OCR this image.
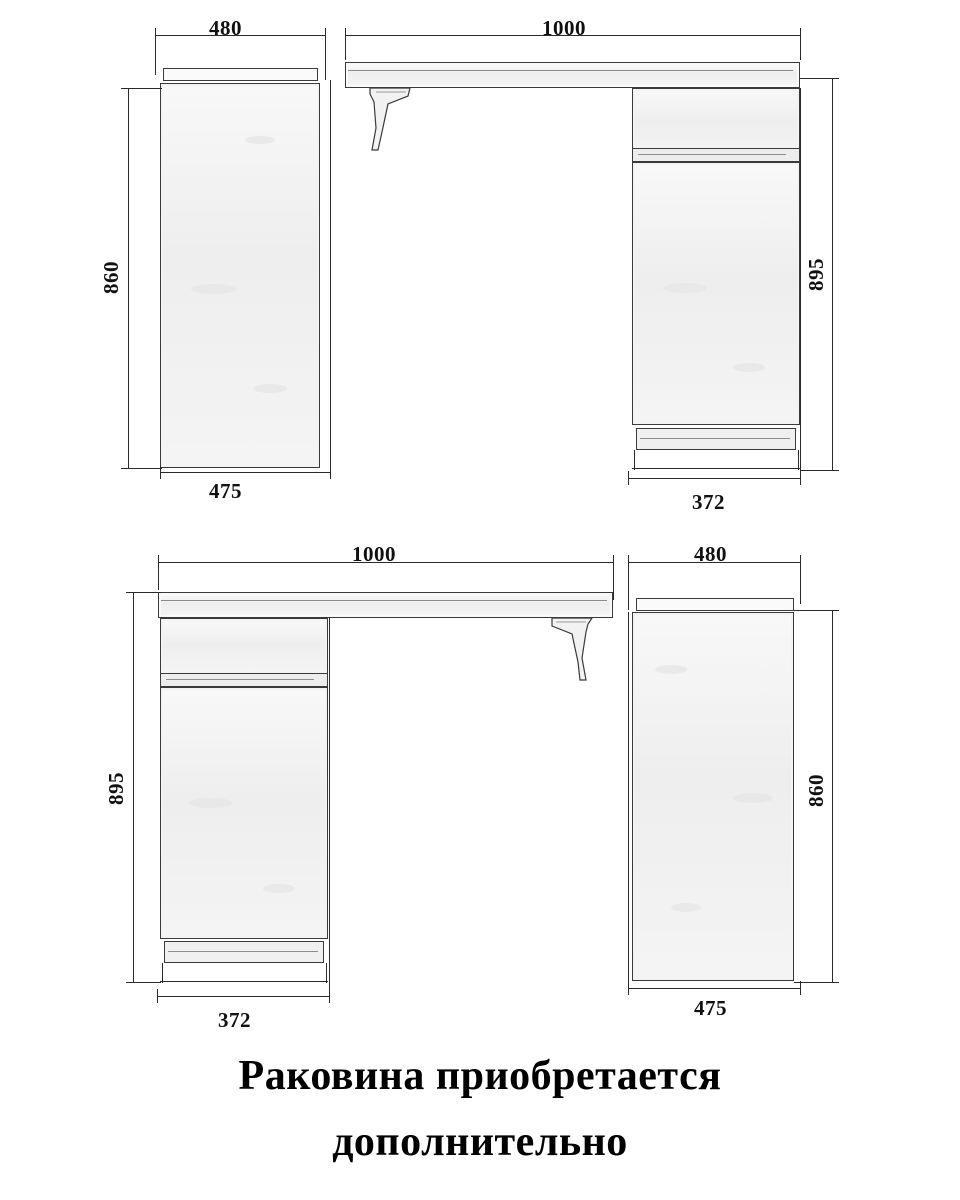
480
860
475
1000
895
372
1000
895
372
480
860
475
Раковина приобретается
дополнительно
